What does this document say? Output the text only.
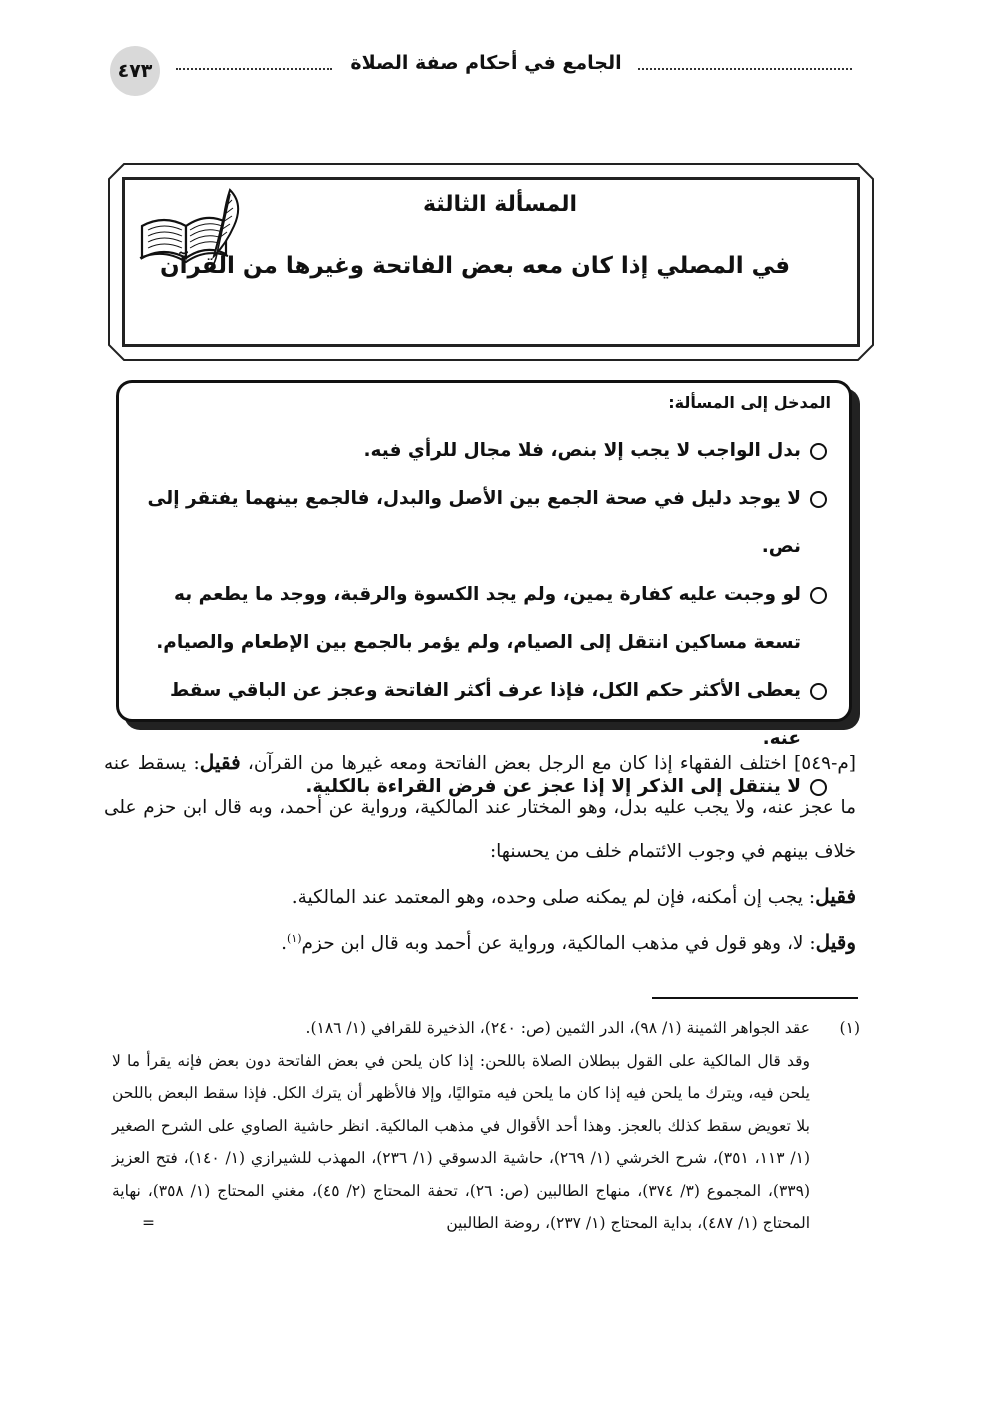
٤٧٣	الجامع في أحكام صفة الصلاة
المسألة الثالثة
في المصلي إذا كان معه بعض الفاتحة وغيرها من القرآن
المدخل إلى المسألة:
بدل الواجب لا يجب إلا بنص، فلا مجال للرأي فيه.
لا يوجد دليل في صحة الجمع بين الأصل والبدل، فالجمع بينهما يفتقر إلى نص.
لو وجبت عليه كفارة يمين، ولم يجد الكسوة والرقبة، ووجد ما يطعم به تسعة مساكين انتقل إلى الصيام، ولم يؤمر بالجمع بين الإطعام والصيام.
يعطى الأكثر حكم الكل، فإذا عرف أكثر الفاتحة وعجز عن الباقي سقط عنه.
لا ينتقل إلى الذكر إلا إذا عجز عن فرض القراءة بالكلية.

[م-٥٤٩] اختلف الفقهاء إذا كان مع الرجل بعض الفاتحة ومعه غيرها من القرآن، فقيل: يسقط عنه ما عجز عنه، ولا يجب عليه بدل، وهو المختار عند المالكية، ورواية عن أحمد، وبه قال ابن حزم على خلاف بينهم في وجوب الائتمام خلف من يحسنها:

فقيل: يجب إن أمكنه، فإن لم يمكنه صلى وحده، وهو المعتمد عند المالكية.

وقيل: لا، وهو قول في مذهب المالكية، ورواية عن أحمد وبه قال ابن حزم$^{(١)}$.

(١)

عقد الجواهر الثمينة (١/ ٩٨)، الدر الثمين (ص: ٢٤٠)، الذخيرة للقرافي (١/ ١٨٦).

وقد قال المالكية على القول ببطلان الصلاة باللحن: إذا كان يلحن في بعض الفاتحة دون بعض فإنه يقرأ ما لا يلحن فيه، ويترك ما يلحن فيه إذا كان ما يلحن فيه متواليًا، وإلا فالأظهر أن يترك الكل. فإذا سقط البعض باللحن بلا تعويض سقط كذلك بالعجز. وهذا أحد الأقوال في مذهب المالكية. انظر حاشية الصاوي على الشرح الصغير (١/ ١١٣، ٣٥١)، شرح الخرشي (١/ ٢٦٩)، حاشية الدسوقي (١/ ٢٣٦)، المهذب للشيرازي (١/ ١٤٠)، فتح العزيز (٣٣٩)، المجموع (٣/ ٣٧٤)، منهاج الطالبين (ص: ٢٦)، تحفة المحتاج (٢/ ٤٥)، مغني المحتاج (١/ ٣٥٨)، نهاية المحتاج (١/ ٤٨٧)، بداية المحتاج (١/ ٢٣٧)، روضة الطالبين
=
